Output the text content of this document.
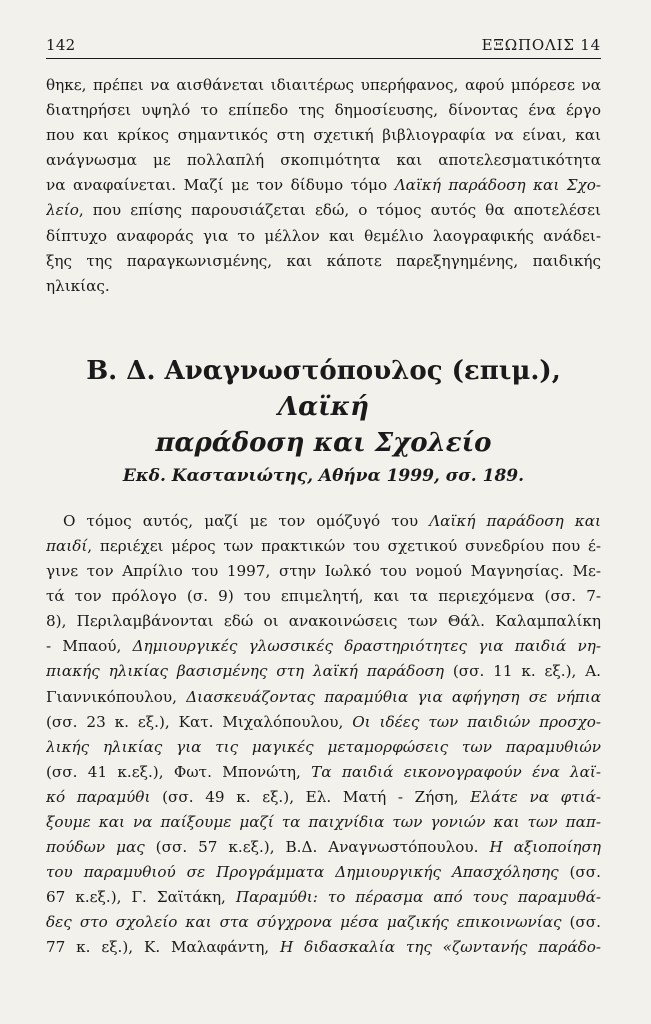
142	ΕΞΩΠΟΛΙΣ 14
θηκε, πρέπει να αισθάνεται ιδιαιτέρως υπερήφανος, αφού μπόρεσε να
διατηρήσει υψηλό το επίπεδο της δημοσίευσης, δίνοντας ένα έργο
που και κρίκος σημαντικός στη σχετική βιβλιογραφία να είναι, και
ανάγνωσμα με πολλαπλή σκοπιμότητα και αποτελεσματικότητα
να αναφαίνεται. Μαζί με τον δίδυμο τόμο Λαϊκή παράδοση και Σχο-
λείο, που επίσης παρουσιάζεται εδώ, ο τόμος αυτός θα αποτελέσει
δίπτυχο αναφοράς για το μέλλον και θεμέλιο λαογραφικής ανάδει-
ξης της παραγκωνισμένης, και κάποτε παρεξηγημένης, παιδικής
ηλικίας.
Β. Δ. Αναγνωστόπουλος (επιμ.), Λαϊκή
παράδοση και Σχολείο
Εκδ. Καστανιώτης, Αθήνα 1999, σσ. 189.
Ο τόμος αυτός, μαζί με τον ομόζυγό του Λαϊκή παράδοση και
παιδί, περιέχει μέρος των πρακτικών του σχετικού συνεδρίου που έ-
γινε τον Απρίλιο του 1997, στην Ιωλκό του νομού Μαγνησίας. Με-
τά τον πρόλογο (σ. 9) του επιμελητή, και τα περιεχόμενα (σσ. 7-
8), Περιλαμβάνονται εδώ οι ανακοινώσεις των Θάλ. Καλαμπαλίκη
- Μπαού, Δημιουργικές γλωσσικές δραστηριότητες για παιδιά νη-
πιακής ηλικίας βασισμένης στη λαϊκή παράδοση (σσ. 11 κ. εξ.), Α.
Γιαννικόπουλου, Διασκευάζοντας παραμύθια για αφήγηση σε νήπια
(σσ. 23 κ. εξ.), Κατ. Μιχαλόπουλου, Οι ιδέες των παιδιών προσχο-
λικής ηλικίας για τις μαγικές μεταμορφώσεις των παραμυθιών
(σσ. 41 κ.εξ.), Φωτ. Μπονώτη, Τα παιδιά εικονογραφούν ένα λαϊ-
κό παραμύθι (σσ. 49 κ. εξ.), Ελ. Ματή - Ζήση, Ελάτε να φτιά-
ξουμε και να παίξουμε μαζί τα παιχνίδια των γονιών και των παπ-
πούδων μας (σσ. 57 κ.εξ.), Β.Δ. Αναγνωστόπουλου. Η αξιοποίηση
του παραμυθιού σε Προγράμματα Δημιουργικής Απασχόλησης (σσ.
67 κ.εξ.), Γ. Σαϊτάκη, Παραμύθι: το πέρασμα από τους παραμυθά-
δες στο σχολείο και στα σύγχρονα μέσα μαζικής επικοινωνίας (σσ.
77 κ. εξ.), Κ. Μαλαφάντη, Η διδασκαλία της «ζωντανής παράδο-
